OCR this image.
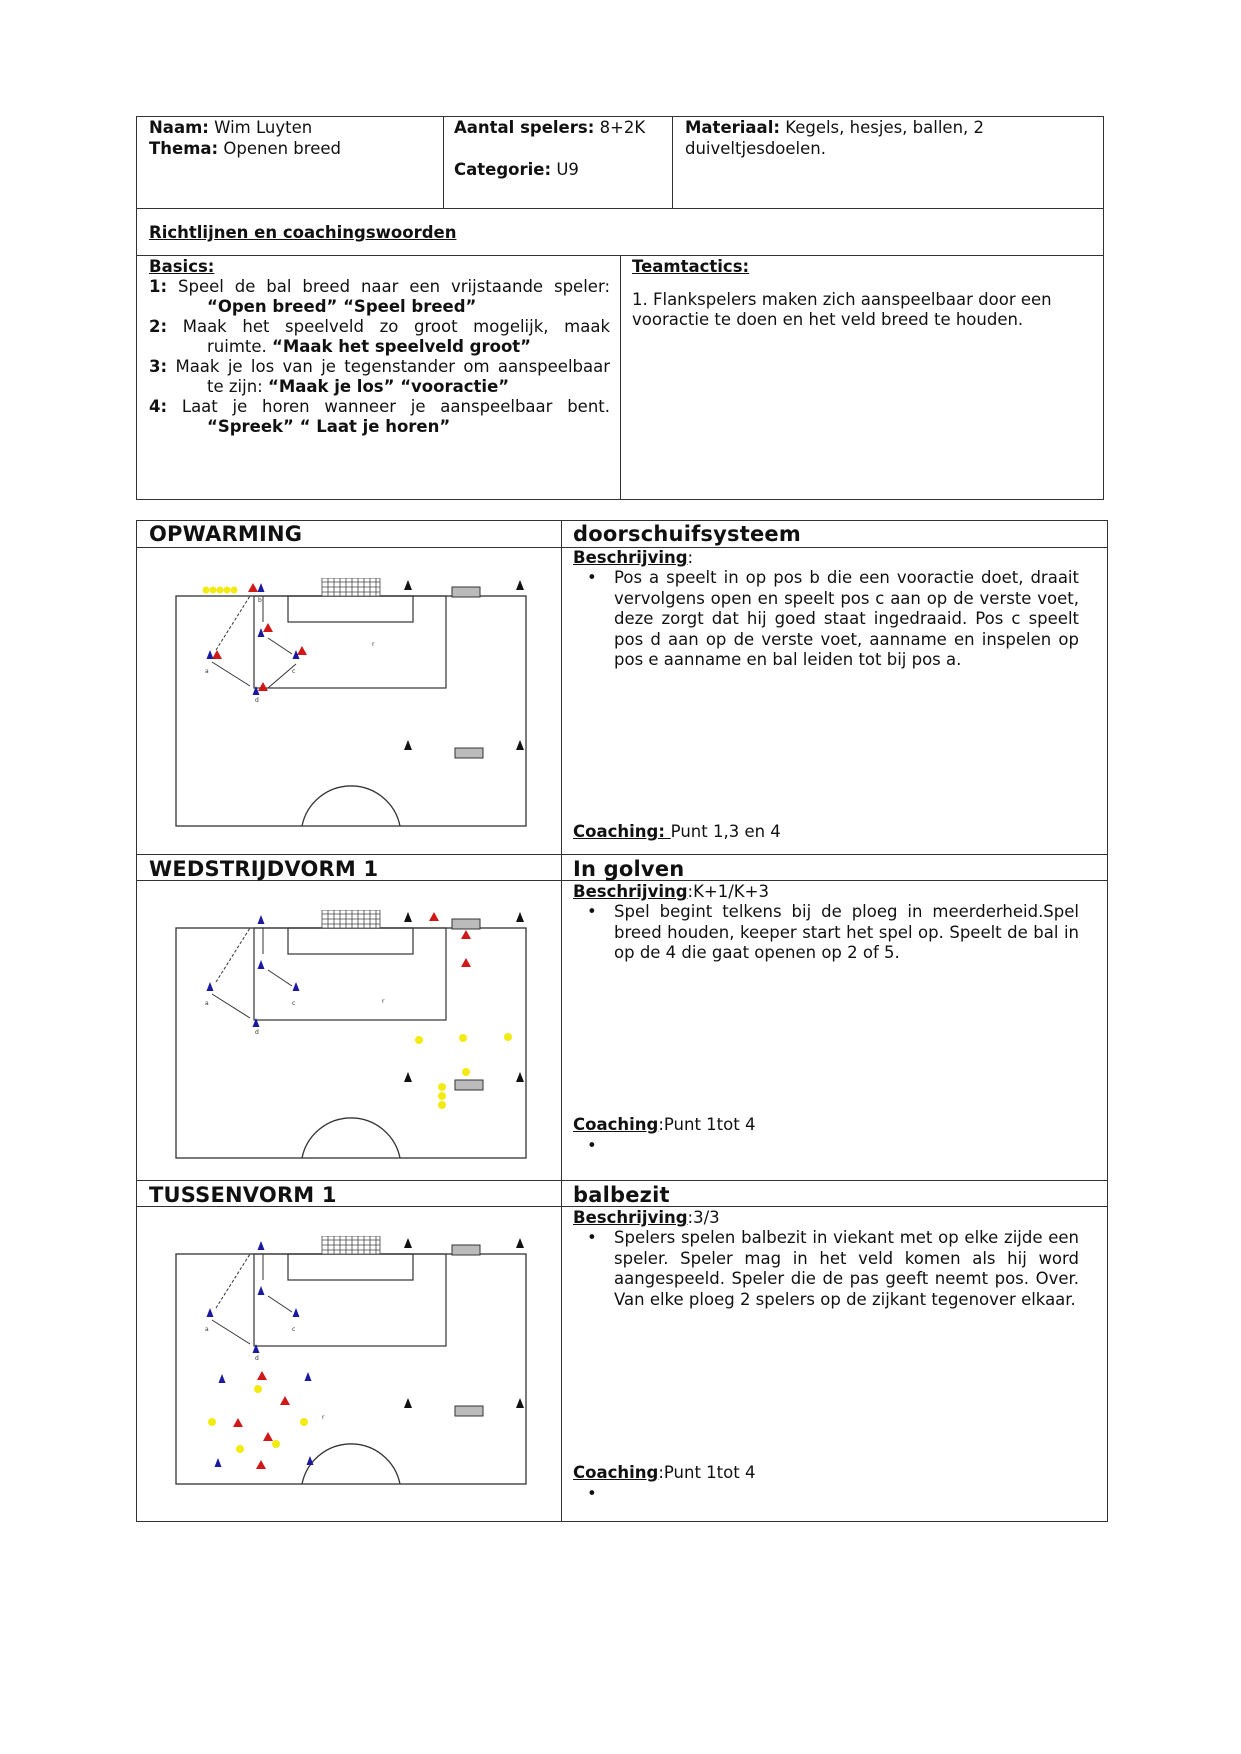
Naam: Wim Luyten
Thema: Openen breed
Aantal spelers: 8+2K
Categorie: U9
Materiaal: Kegels, hesjes, ballen, 2
duiveltjesdoelen.
Richtlijnen en coachingswoorden
Basics:
1: Speel de bal breed naar een vrijstaande speler:
“Open breed” “Speel breed”
2: Maak het speelveld zo groot mogelijk, maak
ruimte. “Maak het speelveld groot”
3: Maak je los van je tegenstander om aanspeelbaar
te zijn: “Maak je los” “vooractie”
4: Laat je horen wanneer je aanspeelbaar bent.
“Spreek” “ Laat je horen”
Teamtactics:
1. Flankspelers maken zich aanspeelbaar door een
vooractie te doen en het veld breed te houden.
OPWARMING	doorschuifsysteem
a
b
c
d
r
Beschrijving:
• Pos a speelt in op pos b die een vooractie doet, draait vervolgens open en speelt pos c aan op de verste voet, deze zorgt dat hij goed staat ingedraaid. Pos c speelt pos d aan op de verste voet, aanname en inspelen op pos e aanname en bal leiden tot bij pos a.
Coaching: Punt 1,3 en 4
WEDSTRIJDVORM 1	In golven
a	c
d
r
Beschrijving:K+1/K+3
• Spel begint telkens bij de ploeg in meerderheid.Spel breed houden, keeper start het spel op. Speelt de bal in op de 4 die gaat openen op 2 of 5.
Coaching:Punt 1tot 4
•
TUSSENVORM 1	balbezit
a	c
d
r
Beschrijving:3/3
• Spelers spelen balbezit in viekant met op elke zijde een speler. Speler mag in het veld komen als hij word aangespeeld. Speler die de pas geeft neemt pos. Over. Van elke ploeg 2 spelers op de zijkant tegenover elkaar.
Coaching:Punt 1tot 4
•
